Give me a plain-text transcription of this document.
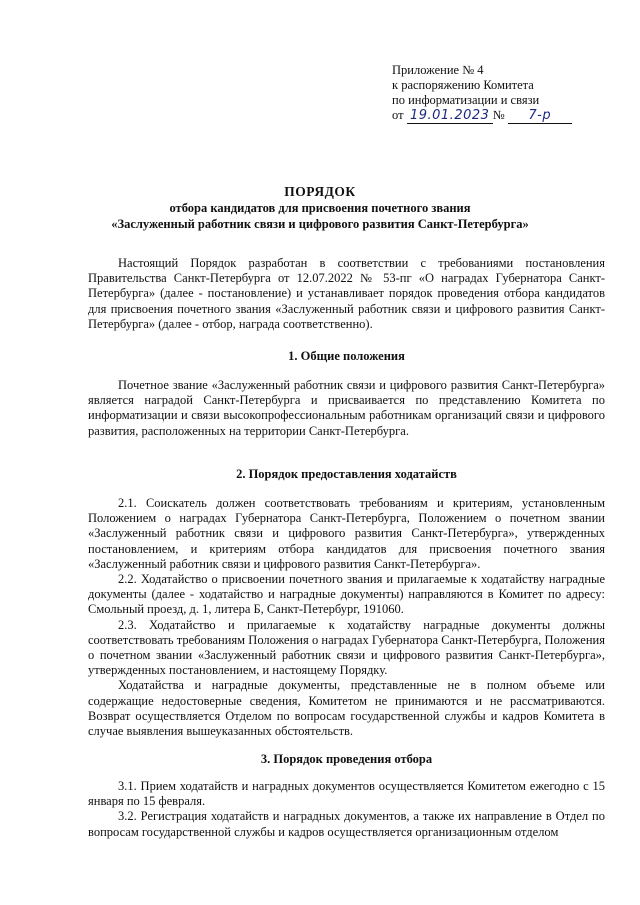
Приложение № 4
к распоряжению Комитета
по информатизации и связи
от 19.01.2023 № 7-р
ПОРЯДОК
отбора кандидатов для присвоения почетного звания
«Заслуженный работник связи и цифрового развития Санкт-Петербурга»

Настоящий Порядок разработан в соответствии с требованиями постановления Правительства Санкт-Петербурга от 12.07.2022 № 53-пг «О наградах Губернатора Санкт-Петербурга» (далее - постановление) и устанавливает порядок проведения отбора кандидатов для присвоения почетного звания «Заслуженный работник связи и цифрового развития Санкт-Петербурга» (далее - отбор, награда соответственно).

1. Общие положения

Почетное звание «Заслуженный работник связи и цифрового развития Санкт-Петербурга» является наградой Санкт-Петербурга и присваивается по представлению Комитета по информатизации и связи высокопрофессиональным работникам организаций связи и цифрового развития, расположенных на территории Санкт-Петербурга.

2. Порядок предоставления ходатайств

2.1. Соискатель должен соответствовать требованиям и критериям, установленным Положением о наградах Губернатора Санкт-Петербурга, Положением о почетном звании «Заслуженный работник связи и цифрового развития Санкт-Петербурга», утвержденных постановлением, и критериям отбора кандидатов для присвоения почетного звания «Заслуженный работник связи и цифрового развития Санкт-Петербурга».

2.2. Ходатайство о присвоении почетного звания и прилагаемые к ходатайству наградные документы (далее - ходатайство и наградные документы) направляются в Комитет по адресу: Смольный проезд, д. 1, литера Б, Санкт-Петербург, 191060.

2.3. Ходатайство и прилагаемые к ходатайству наградные документы должны соответствовать требованиям Положения о наградах Губернатора Санкт-Петербурга, Положения о почетном звании «Заслуженный работник связи и цифрового развития Санкт-Петербурга», утвержденных постановлением, и настоящему Порядку.

Ходатайства и наградные документы, представленные не в полном объеме или содержащие недостоверные сведения, Комитетом не принимаются и не рассматриваются. Возврат осуществляется Отделом по вопросам государственной службы и кадров Комитета в случае выявления вышеуказанных обстоятельств.

3. Порядок проведения отбора

3.1. Прием ходатайств и наградных документов осуществляется Комитетом ежегодно с 15 января по 15 февраля.

3.2. Регистрация ходатайств и наградных документов, а также их направление в Отдел по вопросам государственной службы и кадров осуществляется организационным отделом
